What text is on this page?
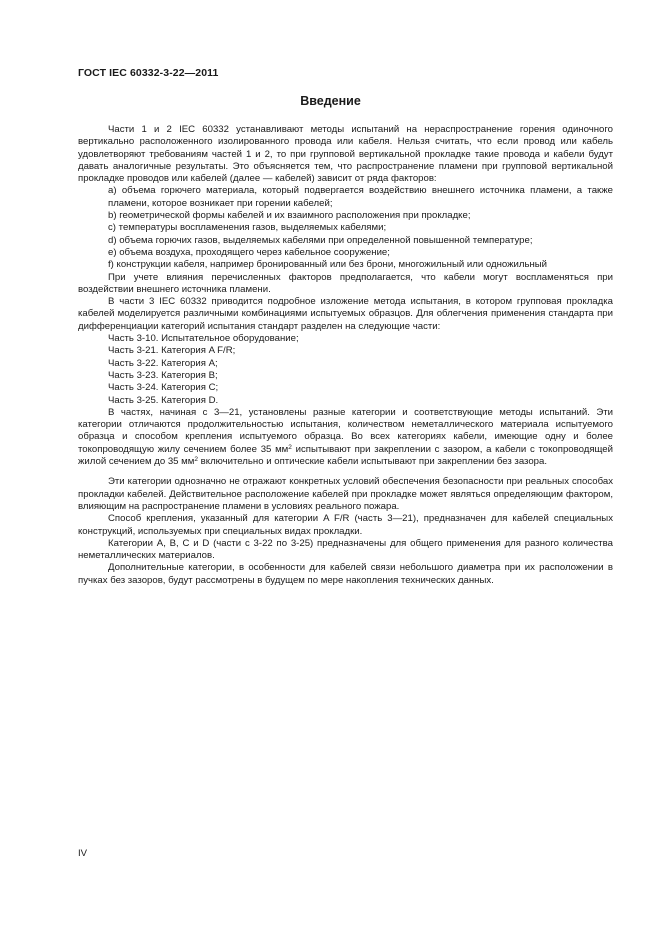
ГОСТ IEC 60332-3-22—2011
Введение

Части 1 и 2 IEC 60332 устанавливают методы испытаний на нераспространение горения одиночного вертикально расположенного изолированного провода или кабеля. Нельзя считать, что если провод или кабель удовлетворяют требованиям частей 1 и 2, то при групповой вертикальной прокладке такие провода и кабели будут давать аналогичные результаты. Это объясняется тем, что распространение пламени при групповой вертикальной прокладке проводов или кабелей (далее — кабелей) зависит от ряда факторов:

а) объема горючего материала, который подвергается воздействию внешнего источника пламени, а также пламени, которое возникает при горении кабелей;

b) геометрической формы кабелей и их взаимного расположения при прокладке;

c) температуры воспламенения газов, выделяемых кабелями;

d) объема горючих газов, выделяемых кабелями при определенной повышенной температуре;

e) объема воздуха, проходящего через кабельное сооружение;

f) конструкции кабеля, например бронированный или без брони, многожильный или одножильный

При учете влияния перечисленных факторов предполагается, что кабели могут воспламеняться при воздействии внешнего источника пламени.

В части 3 IEC 60332 приводится подробное изложение метода испытания, в котором групповая прокладка кабелей моделируется различными комбинациями испытуемых образцов. Для облегчения применения стандарта при дифференциации категорий испытания стандарт разделен на следующие части:

Часть 3-10. Испытательное оборудование;

Часть 3-21. Категория A F/R;

Часть 3-22. Категория А;

Часть 3-23. Категория В;

Часть 3-24. Категория С;

Часть 3-25. Категория D.

В частях, начиная с 3—21, установлены разные категории и соответствующие методы испытаний. Эти категории отличаются продолжительностью испытания, количеством неметаллического материала испытуемого образца и способом крепления испытуемого образца. Во всех категориях кабели, имеющие одну и более токопроводящую жилу сечением более 35 $мм^2$ испытывают при закреплении с зазором, а кабели с токопроводящей жилой сечением до 35 $мм^2$ включительно и оптические кабели испытывают при закреплении без зазора.

Эти категории однозначно не отражают конкретных условий обеспечения безопасности при реальных способах прокладки кабелей. Действительное расположение кабелей при прокладке может являться определяющим фактором, влияющим на распространение пламени в условиях реального пожара.

Способ крепления, указанный для категории A F/R (часть 3—21), предназначен для кабелей специальных конструкций, используемых при специальных видах прокладки.

Категории А, В, С и D (части с 3-22 по 3-25) предназначены для общего применения для разного количества неметаллических материалов.

Дополнительные категории, в особенности для кабелей связи небольшого диаметра при их расположении в пучках без зазоров, будут рассмотрены в будущем по мере накопления технических данных.

IV
